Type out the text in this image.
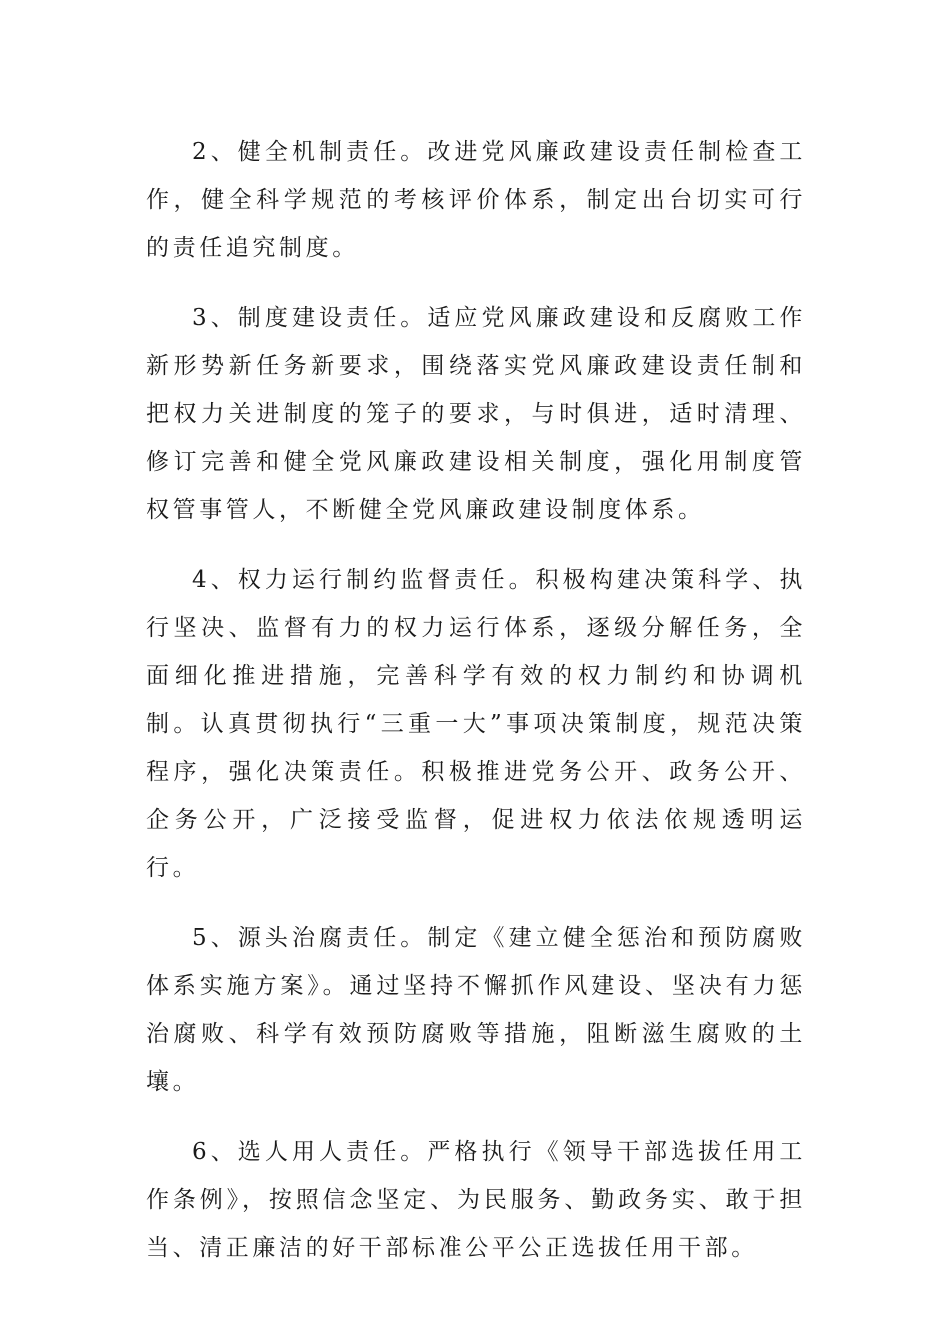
2、健全机制责任。改进党风廉政建设责任制检查工作，健全科学规范的考核评价体系，制定出台切实可行的责任追究制度。

3、制度建设责任。适应党风廉政建设和反腐败工作新形势新任务新要求，围绕落实党风廉政建设责任制和把权力关进制度的笼子的要求，与时俱进，适时清理、修订完善和健全党风廉政建设相关制度，强化用制度管权管事管人，不断健全党风廉政建设制度体系。

4、权力运行制约监督责任。积极构建决策科学、执行坚决、监督有力的权力运行体系，逐级分解任务，全面细化推进措施，完善科学有效的权力制约和协调机制。认真贯彻执行“三重一大”事项决策制度，规范决策程序，强化决策责任。积极推进党务公开、政务公开、企务公开，广泛接受监督，促进权力依法依规透明运行。

5、源头治腐责任。制定《建立健全惩治和预防腐败体系实施方案》。通过坚持不懈抓作风建设、坚决有力惩治腐败、科学有效预防腐败等措施，阻断滋生腐败的土壤。

6、选人用人责任。严格执行《领导干部选拔任用工作条例》，按照信念坚定、为民服务、勤政务实、敢于担当、清正廉洁的好干部标准公平公正选拔任用干部。
